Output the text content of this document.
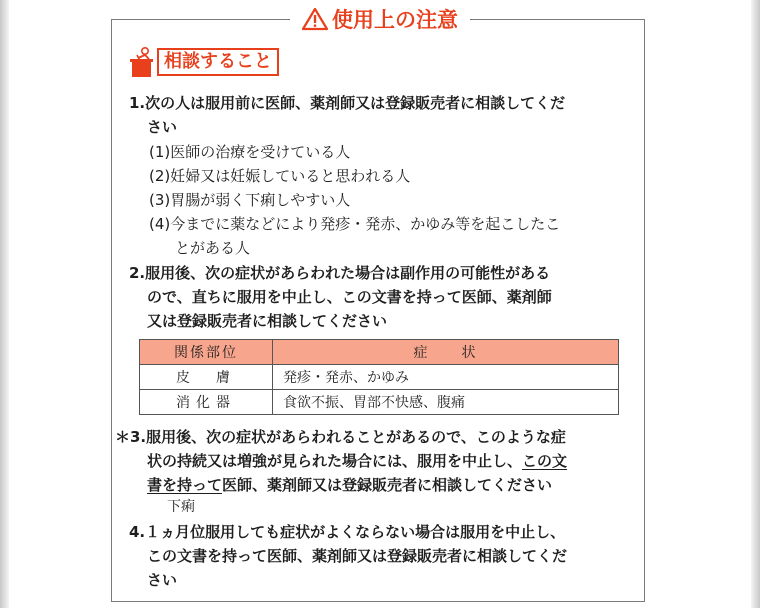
使用上の注意
相談すること
1.次の人は服用前に医師、薬剤師又は登録販売者に相談してくだ
さい
(1)医師の治療を受けている人
(2)妊婦又は妊娠していると思われる人
(3)胃腸が弱く下痢しやすい人
(4)今までに薬などにより発疹・発赤、かゆみ等を起こしたこ
とがある人
2.服用後、次の症状があらわれた場合は副作用の可能性がある
ので、直ちに服用を中止し、この文書を持って医師、薬剤師
又は登録販売者に相談してください
関係部位	症　　状
皮　膚	発疹・発赤、かゆみ
消化器	食欲不振、胃部不快感、腹痛
＊3.服用後、次の症状があらわれることがあるので、このような症
状の持続又は増強が見られた場合には、服用を中止し、この文
書を持って医師、薬剤師又は登録販売者に相談してください
下痢
4.１ヵ月位服用しても症状がよくならない場合は服用を中止し、
この文書を持って医師、薬剤師又は登録販売者に相談してくだ
さい
